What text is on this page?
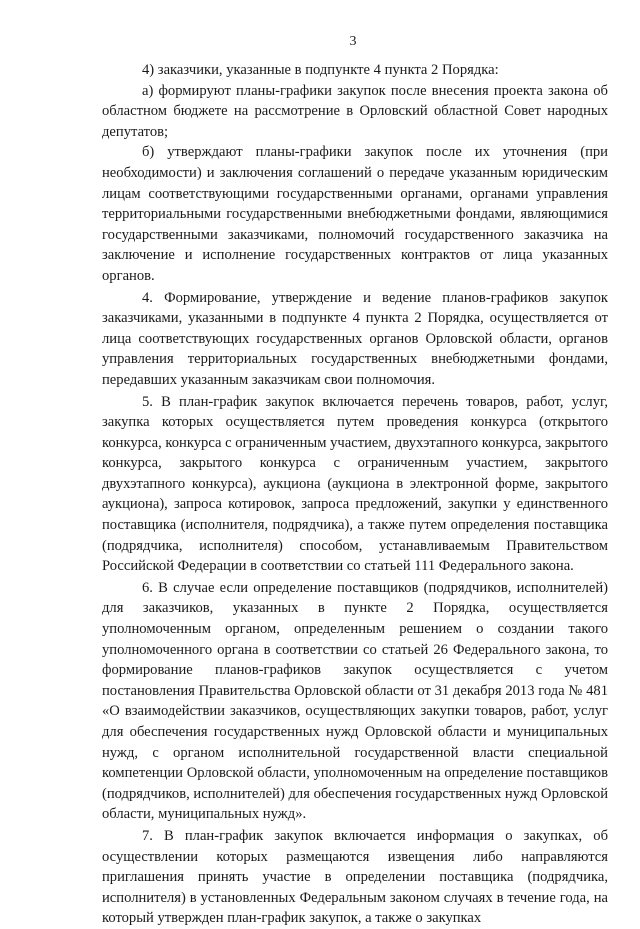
3

4) заказчики, указанные в подпункте 4 пункта 2 Порядка:

а) формируют планы-графики закупок после внесения проекта закона об областном бюджете на рассмотрение в Орловский областной Совет народных депутатов;

б) утверждают планы-графики закупок после их уточнения (при необходимости) и заключения соглашений о передаче указанным юридическим лицам соответствующими государственными органами, органами управления территориальными государственными внебюджетными фондами, являющимися государственными заказчиками, полномочий государственного заказчика на заключение и исполнение государственных контрактов от лица указанных органов.

4. Формирование, утверждение и ведение планов-графиков закупок заказчиками, указанными в подпункте 4 пункта 2 Порядка, осуществляется от лица соответствующих государственных органов Орловской области, органов управления территориальных государственных внебюджетными фондами, передавших указанным заказчикам свои полномочия.

5. В план-график закупок включается перечень товаров, работ, услуг, закупка которых осуществляется путем проведения конкурса (открытого конкурса, конкурса с ограниченным участием, двухэтапного конкурса, закрытого конкурса, закрытого конкурса с ограниченным участием, закрытого двухэтапного конкурса), аукциона (аукциона в электронной форме, закрытого аукциона), запроса котировок, запроса предложений, закупки у единственного поставщика (исполнителя, подрядчика), а также путем определения поставщика (подрядчика, исполнителя) способом, устанавливаемым Правительством Российской Федерации в соответствии со статьей 111 Федерального закона.

6. В случае если определение поставщиков (подрядчиков, исполнителей) для заказчиков, указанных в пункте 2 Порядка, осуществляется уполномоченным органом, определенным решением о создании такого уполномоченного органа в соответствии со статьей 26 Федерального закона, то формирование планов-графиков закупок осуществляется с учетом постановления Правительства Орловской области от 31 декабря 2013 года № 481 «О взаимодействии заказчиков, осуществляющих закупки товаров, работ, услуг для обеспечения государственных нужд Орловской области и муниципальных нужд, с органом исполнительной государственной власти специальной компетенции Орловской области, уполномоченным на определение поставщиков (подрядчиков, исполнителей) для обеспечения государственных нужд Орловской области, муниципальных нужд».

7. В план-график закупок включается информация о закупках, об осуществлении которых размещаются извещения либо направляются приглашения принять участие в определении поставщика (подрядчика, исполнителя) в установленных Федеральным законом случаях в течение года, на который утвержден план-график закупок, а также о закупках
